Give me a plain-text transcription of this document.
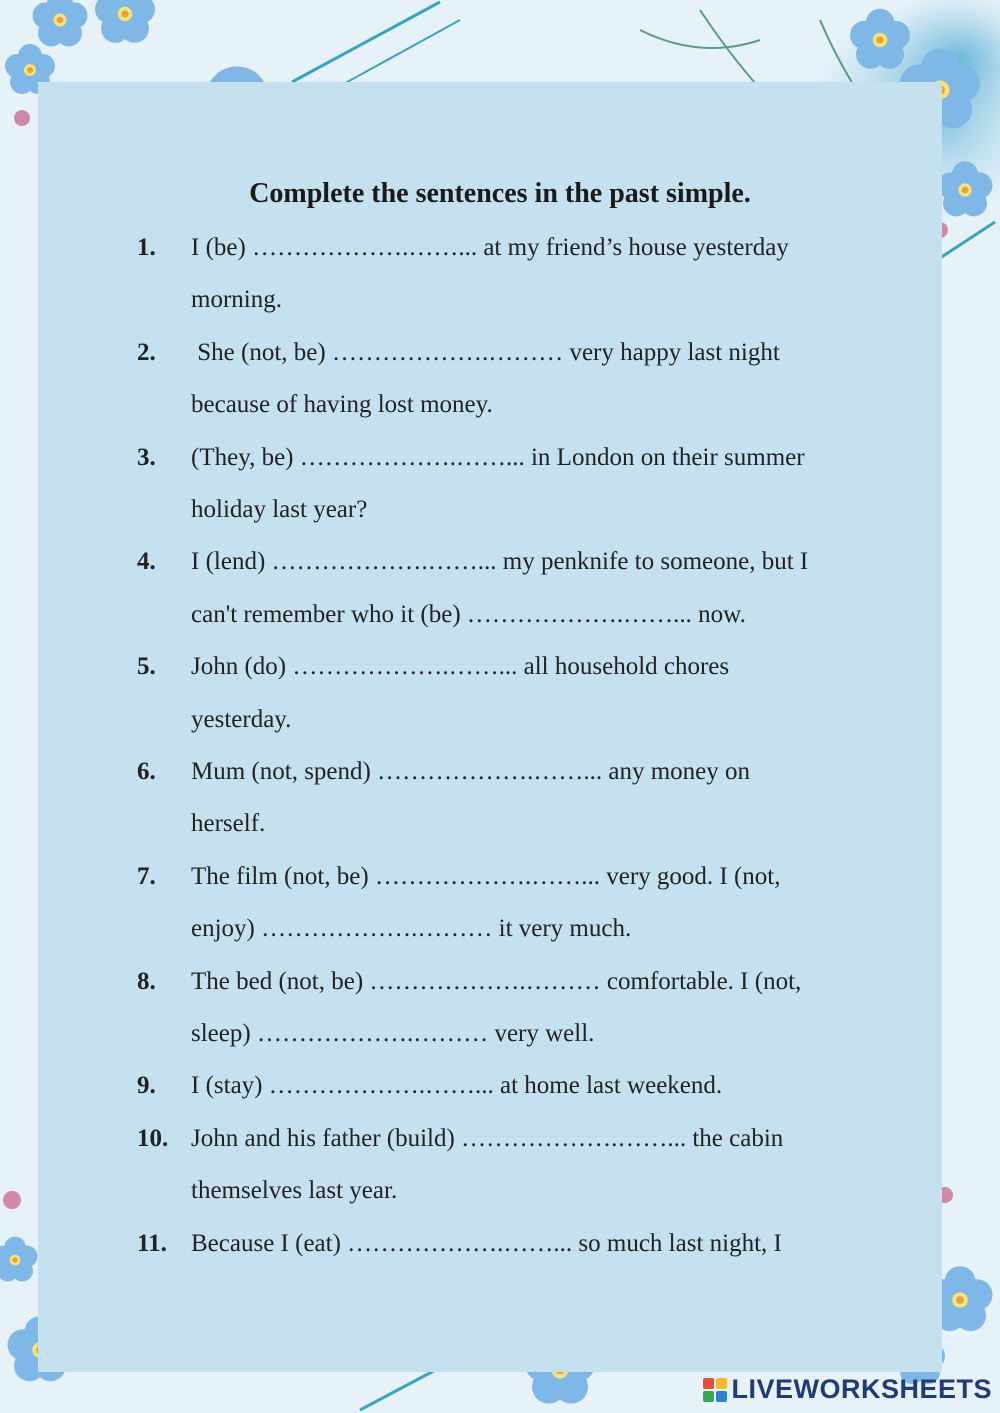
Complete the sentences in the past simple.
1. I (be) ……………….……... at my friend’s house yesterday
morning.
2. She (not, be) ……………….……… very happy last night
because of having lost money.
3. (They, be) ……………….……... in London on their summer
holiday last year?
4. I (lend) ……………….……... my penknife to someone, but I
can't remember who it (be) ……………….……... now.
5. John (do) ……………….……... all household chores
yesterday.
6. Mum (not, spend) ……………….……... any money on
herself.
7. The film (not, be) ……………….……... very good. I (not,
enjoy) ……………….……… it very much.
8. The bed (not, be) ……………….……… comfortable. I (not,
sleep) ……………….……… very well.
9. I (stay) ……………….……... at home last weekend.
10. John and his father (build) ……………….……... the cabin
themselves last year.
11. Because I (eat) ……………….……... so much last night, I
LIVEWORKSHEETS
